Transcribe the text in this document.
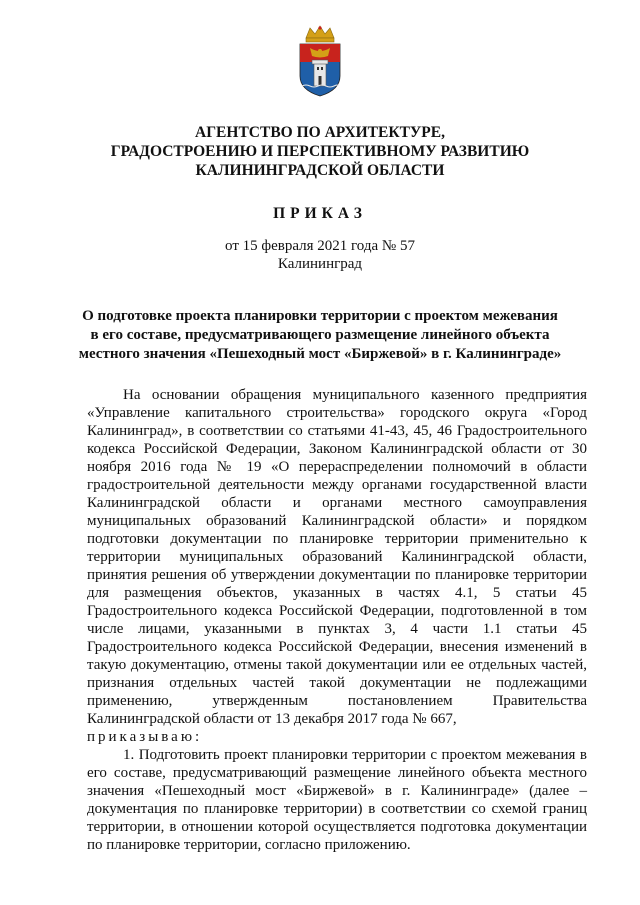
АГЕНТСТВО ПО АРХИТЕКТУРЕ,
ГРАДОСТРОЕНИЮ И ПЕРСПЕКТИВНОМУ РАЗВИТИЮ
КАЛИНИНГРАДСКОЙ ОБЛАСТИ
ПРИКАЗ
от 15 февраля 2021 года № 57
Калининград
О подготовке проекта планировки территории с проектом межевания
в его составе, предусматривающего размещение линейного объекта
местного значения «Пешеходный мост «Биржевой» в г. Калининграде»

На основании обращения муниципального казенного предприятия «Управление капитального строительства» городского округа «Город Калининград», в соответствии со статьями 41-43, 45, 46 Градостроительного кодекса Российской Федерации, Законом Калининградской области от 30 ноября 2016 года № 19 «О перераспределении полномочий в области градостроительной деятельности между органами государственной власти Калининградской области и органами местного самоуправления муниципальных образований Калининградской области» и порядком подготовки документации по планировке территории применительно к территории муниципальных образований Калининградской области, принятия решения об утверждении документации по планировке территории для размещения объектов, указанных в частях 4.1, 5 статьи 45 Градостроительного кодекса Российской Федерации, подготовленной в том числе лицами, указанными в пунктах 3, 4 части 1.1 статьи 45 Градостроительного кодекса Российской Федерации, внесения изменений в такую документацию, отмены такой документации или ее отдельных частей, признания отдельных частей такой документации не подлежащими применению, утвержденным постановлением Правительства Калининградской области от 13 декабря 2017 года № 667,

приказываю:

1. Подготовить проект планировки территории с проектом межевания в его составе, предусматривающий размещение линейного объекта местного значения «Пешеходный мост «Биржевой» в г. Калининграде» (далее – документация по планировке территории) в соответствии со схемой границ территории, в отношении которой осуществляется подготовка документации по планировке территории, согласно приложению.
